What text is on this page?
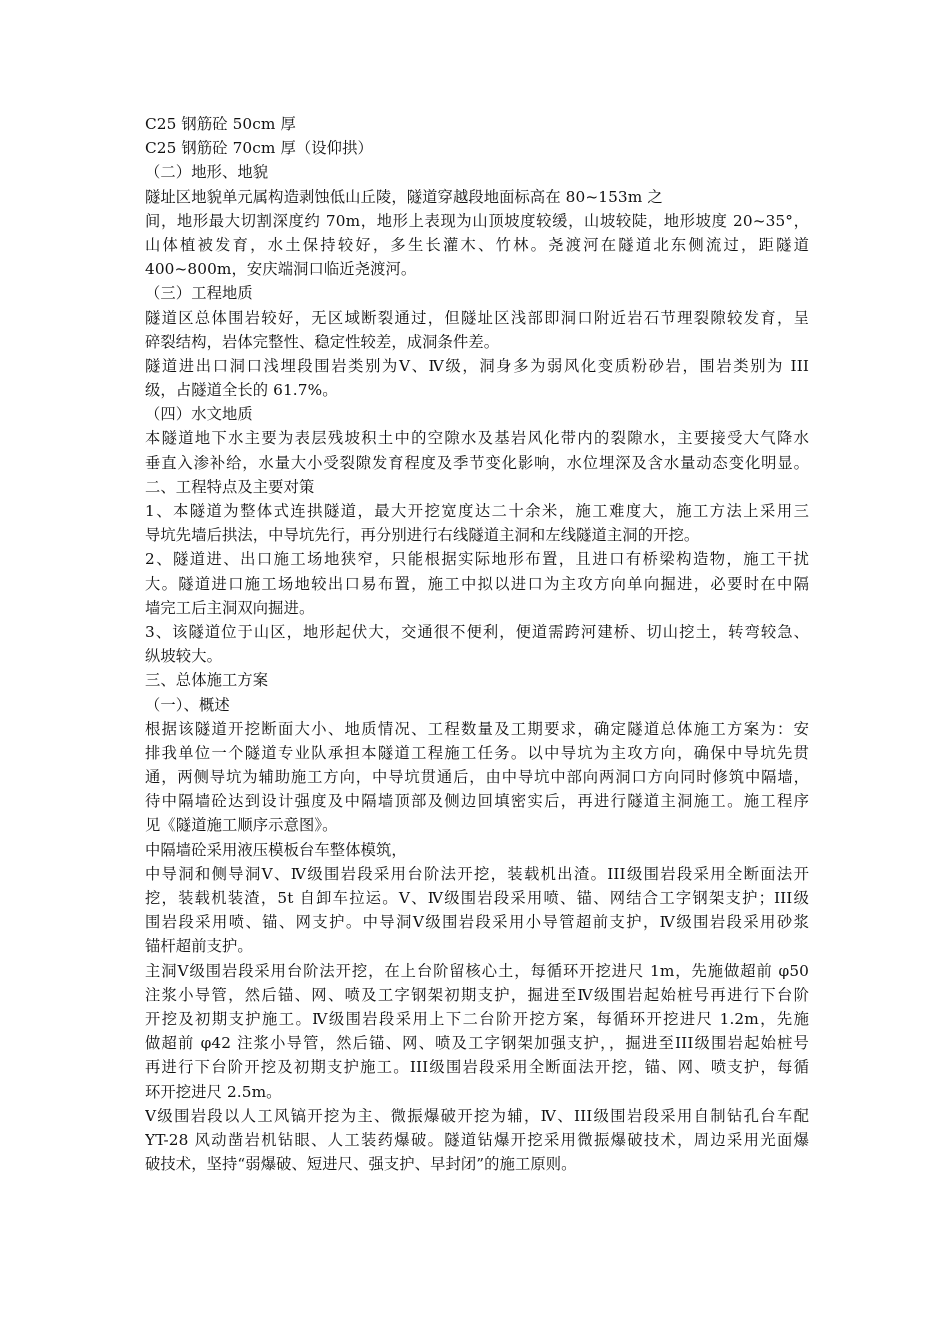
C25 钢筋砼 50cm 厚
C25 钢筋砼 70cm 厚（设仰拱）
（二）地形、地貌
隧址区地貌单元属构造剥蚀低山丘陵，隧道穿越段地面标高在 80~153m 之
间，地形最大切割深度约 70m，地形上表现为山顶坡度较缓，山坡较陡，地形坡度 20~35°，
山体植被发育，水土保持较好，多生长灌木、竹林。尧渡河在隧道北东侧流过，距隧道
400~800m，安庆端洞口临近尧渡河。
（三）工程地质
隧道区总体围岩较好，无区域断裂通过，但隧址区浅部即洞口附近岩石节理裂隙较发育，呈
碎裂结构，岩体完整性、稳定性较差，成洞条件差。
隧道进出口洞口浅埋段围岩类别为Ⅴ、Ⅳ级，洞身多为弱风化变质粉砂岩，围岩类别为 III
级，占隧道全长的 61.7%。
（四）水文地质
本隧道地下水主要为表层残坡积土中的空隙水及基岩风化带内的裂隙水，主要接受大气降水
垂直入渗补给，水量大小受裂隙发育程度及季节变化影响，水位埋深及含水量动态变化明显。
二、工程特点及主要对策
1、本隧道为整体式连拱隧道，最大开挖宽度达二十余米，施工难度大，施工方法上采用三
导坑先墙后拱法，中导坑先行，再分别进行右线隧道主洞和左线隧道主洞的开挖。
2、隧道进、出口施工场地狭窄，只能根据实际地形布置，且进口有桥梁构造物，施工干扰
大。隧道进口施工场地较出口易布置，施工中拟以进口为主攻方向单向掘进，必要时在中隔
墙完工后主洞双向掘进。
3、该隧道位于山区，地形起伏大，交通很不便利，便道需跨河建桥、切山挖土，转弯较急、
纵坡较大。
三、总体施工方案
（一）、概述
根据该隧道开挖断面大小、地质情况、工程数量及工期要求，确定隧道总体施工方案为：安
排我单位一个隧道专业队承担本隧道工程施工任务。以中导坑为主攻方向，确保中导坑先贯
通，两侧导坑为辅助施工方向，中导坑贯通后，由中导坑中部向两洞口方向同时修筑中隔墙，
待中隔墙砼达到设计强度及中隔墙顶部及侧边回填密实后，再进行隧道主洞施工。施工程序
见《隧道施工顺序示意图》。
中隔墙砼采用液压模板台车整体模筑，
中导洞和侧导洞Ⅴ、Ⅳ级围岩段采用台阶法开挖，装载机出渣。III级围岩段采用全断面法开
挖，装载机装渣，5t 自卸车拉运。Ⅴ、Ⅳ级围岩段采用喷、锚、网结合工字钢架支护；III级
围岩段采用喷、锚、网支护。中导洞Ⅴ级围岩段采用小导管超前支护，Ⅳ级围岩段采用砂浆
锚杆超前支护。
主洞Ⅴ级围岩段采用台阶法开挖，在上台阶留核心土，每循环开挖进尺 1m，先施做超前 φ50
注浆小导管，然后锚、网、喷及工字钢架初期支护，掘进至Ⅳ级围岩起始桩号再进行下台阶
开挖及初期支护施工。Ⅳ级围岩段采用上下二台阶开挖方案，每循环开挖进尺 1.2m，先施
做超前 φ42 注浆小导管，然后锚、网、喷及工字钢架加强支护，，掘进至III级围岩起始桩号
再进行下台阶开挖及初期支护施工。III级围岩段采用全断面法开挖，锚、网、喷支护，每循
环开挖进尺 2.5m。
Ⅴ级围岩段以人工风镐开挖为主、微振爆破开挖为辅，Ⅳ、III级围岩段采用自制钻孔台车配
YT-28 风动凿岩机钻眼、人工装药爆破。隧道钻爆开挖采用微振爆破技术，周边采用光面爆
破技术，坚持“弱爆破、短进尺、强支护、早封闭”的施工原则。
